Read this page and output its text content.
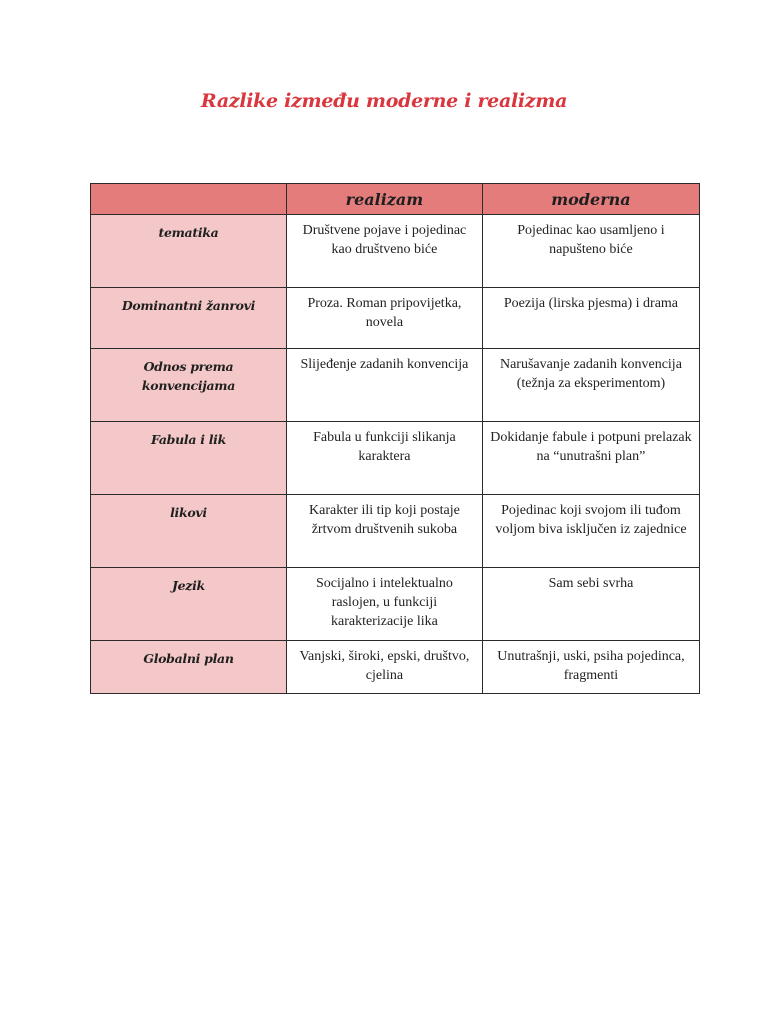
Razlike između moderne i realizma
	realizam	moderna
tematika	Društvene pojave i pojedinac kao društveno biće	Pojedinac kao usamljeno i napušteno biće
Dominantni žanrovi	Proza. Roman pripovijetka, novela	Poezija (lirska pjesma) i drama
Odnos prema konvencijama	Slijeđenje zadanih konvencija	Narušavanje zadanih konvencija (težnja za eksperimentom)
Fabula i lik	Fabula u funkciji slikanja karaktera	Dokidanje fabule i potpuni prelazak na “unutrašni plan”
likovi	Karakter ili tip koji postaje žrtvom društvenih sukoba	Pojedinac koji svojom ili tuđom voljom biva isključen iz zajednice
Jezik	Socijalno i intelektualno raslojen, u funkciji karakterizacije lika	Sam sebi svrha
Globalni plan	Vanjski, široki, epski, društvo, cjelina	Unutrašnji, uski, psiha pojedinca, fragmenti
